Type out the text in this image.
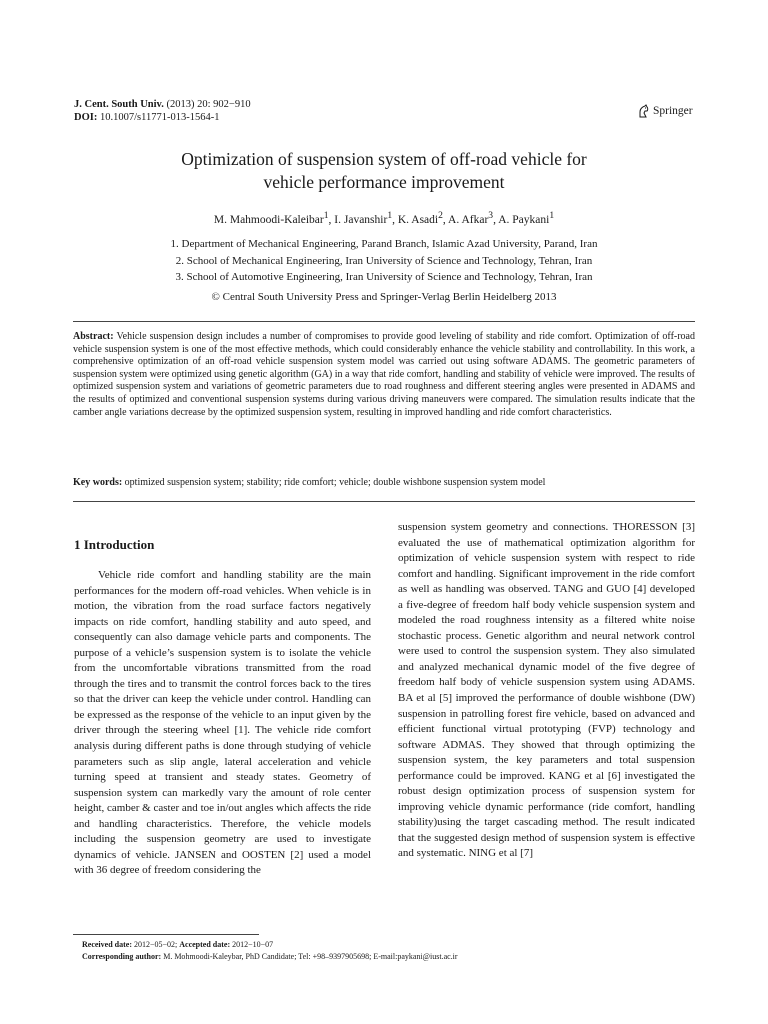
J. Cent. South Univ. (2013) 20: 902−910
DOI: 10.1007/s11771-013-1564-1
Springer
Optimization of suspension system of off-road vehicle for
vehicle performance improvement
M. Mahmoodi-Kaleibar$^1$, I. Javanshir$^1$, K. Asadi$^2$, A. Afkar$^3$, A. Paykani$^1$
1. Department of Mechanical Engineering, Parand Branch, Islamic Azad University, Parand, Iran
2. School of Mechanical Engineering, Iran University of Science and Technology, Tehran, Iran
3. School of Automotive Engineering, Iran University of Science and Technology, Tehran, Iran
© Central South University Press and Springer-Verlag Berlin Heidelberg 2013
Abstract: Vehicle suspension design includes a number of compromises to provide good leveling of stability and ride comfort. Optimization of off-road vehicle suspension system is one of the most effective methods, which could considerably enhance the vehicle stability and controllability. In this work, a comprehensive optimization of an off-road vehicle suspension system model was carried out using software ADAMS. The geometric parameters of suspension system were optimized using genetic algorithm (GA) in a way that ride comfort, handling and stability of vehicle were improved. The results of optimized suspension system and variations of geometric parameters due to road roughness and different steering angles were presented in ADAMS and the results of optimized and conventional suspension systems during various driving maneuvers were compared. The simulation results indicate that the camber angle variations decrease by the optimized suspension system, resulting in improved handling and ride comfort characteristics.
Key words: optimized suspension system; stability; ride comfort; vehicle; double wishbone suspension system model
1 Introduction

Vehicle ride comfort and handling stability are the main performances for the modern off-road vehicles. When vehicle is in motion, the vibration from the road surface factors negatively impacts on ride comfort, handling stability and auto speed, and consequently can also damage vehicle parts and components. The purpose of a vehicle’s suspension system is to isolate the vehicle from the uncomfortable vibrations transmitted from the road through the tires and to transmit the control forces back to the tires so that the driver can keep the vehicle under control. Handling can be expressed as the response of the vehicle to an input given by the driver through the steering wheel [1]. The vehicle ride comfort analysis during different paths is done through studying of vehicle parameters such as slip angle, lateral acceleration and vehicle turning speed at transient and steady states. Geometry of suspension system can markedly vary the amount of role center height, camber & caster and toe in/out angles which affects the ride and handling characteristics. Therefore, the vehicle models including the suspension geometry are used to investigate dynamics of vehicle. JANSEN and OOSTEN [2] used a model with 36 degree of freedom considering the

suspension system geometry and connections. THORESSON [3] evaluated the use of mathematical optimization algorithm for optimization of vehicle suspension system with respect to ride comfort and handling. Significant improvement in the ride comfort as well as handling was observed. TANG and GUO [4] developed a five-degree of freedom half body vehicle suspension system and modeled the road roughness intensity as a filtered white noise stochastic process. Genetic algorithm and neural network control were used to control the suspension system. They also simulated and analyzed mechanical dynamic model of the five degree of freedom half body of vehicle suspension system using ADAMS. BA et al [5] improved the performance of double wishbone (DW) suspension in patrolling forest fire vehicle, based on advanced and efficient functional virtual prototyping (FVP) technology and software ADMAS. They showed that through optimizing the suspension system, the key parameters and total suspension performance could be improved. KANG et al [6] investigated the robust design optimization process of suspension system for improving vehicle dynamic performance (ride comfort, handling stability)using the target cascading method. The result indicated that the suggested design method of suspension system is effective and systematic. NING et al [7]

Received date: 2012−05−02; Accepted date: 2012−10−07
Corresponding author: M. Mohmoodi-Kaleybar, PhD Candidate; Tel: +98–9397905698; E-mail:paykani@iust.ac.ir
